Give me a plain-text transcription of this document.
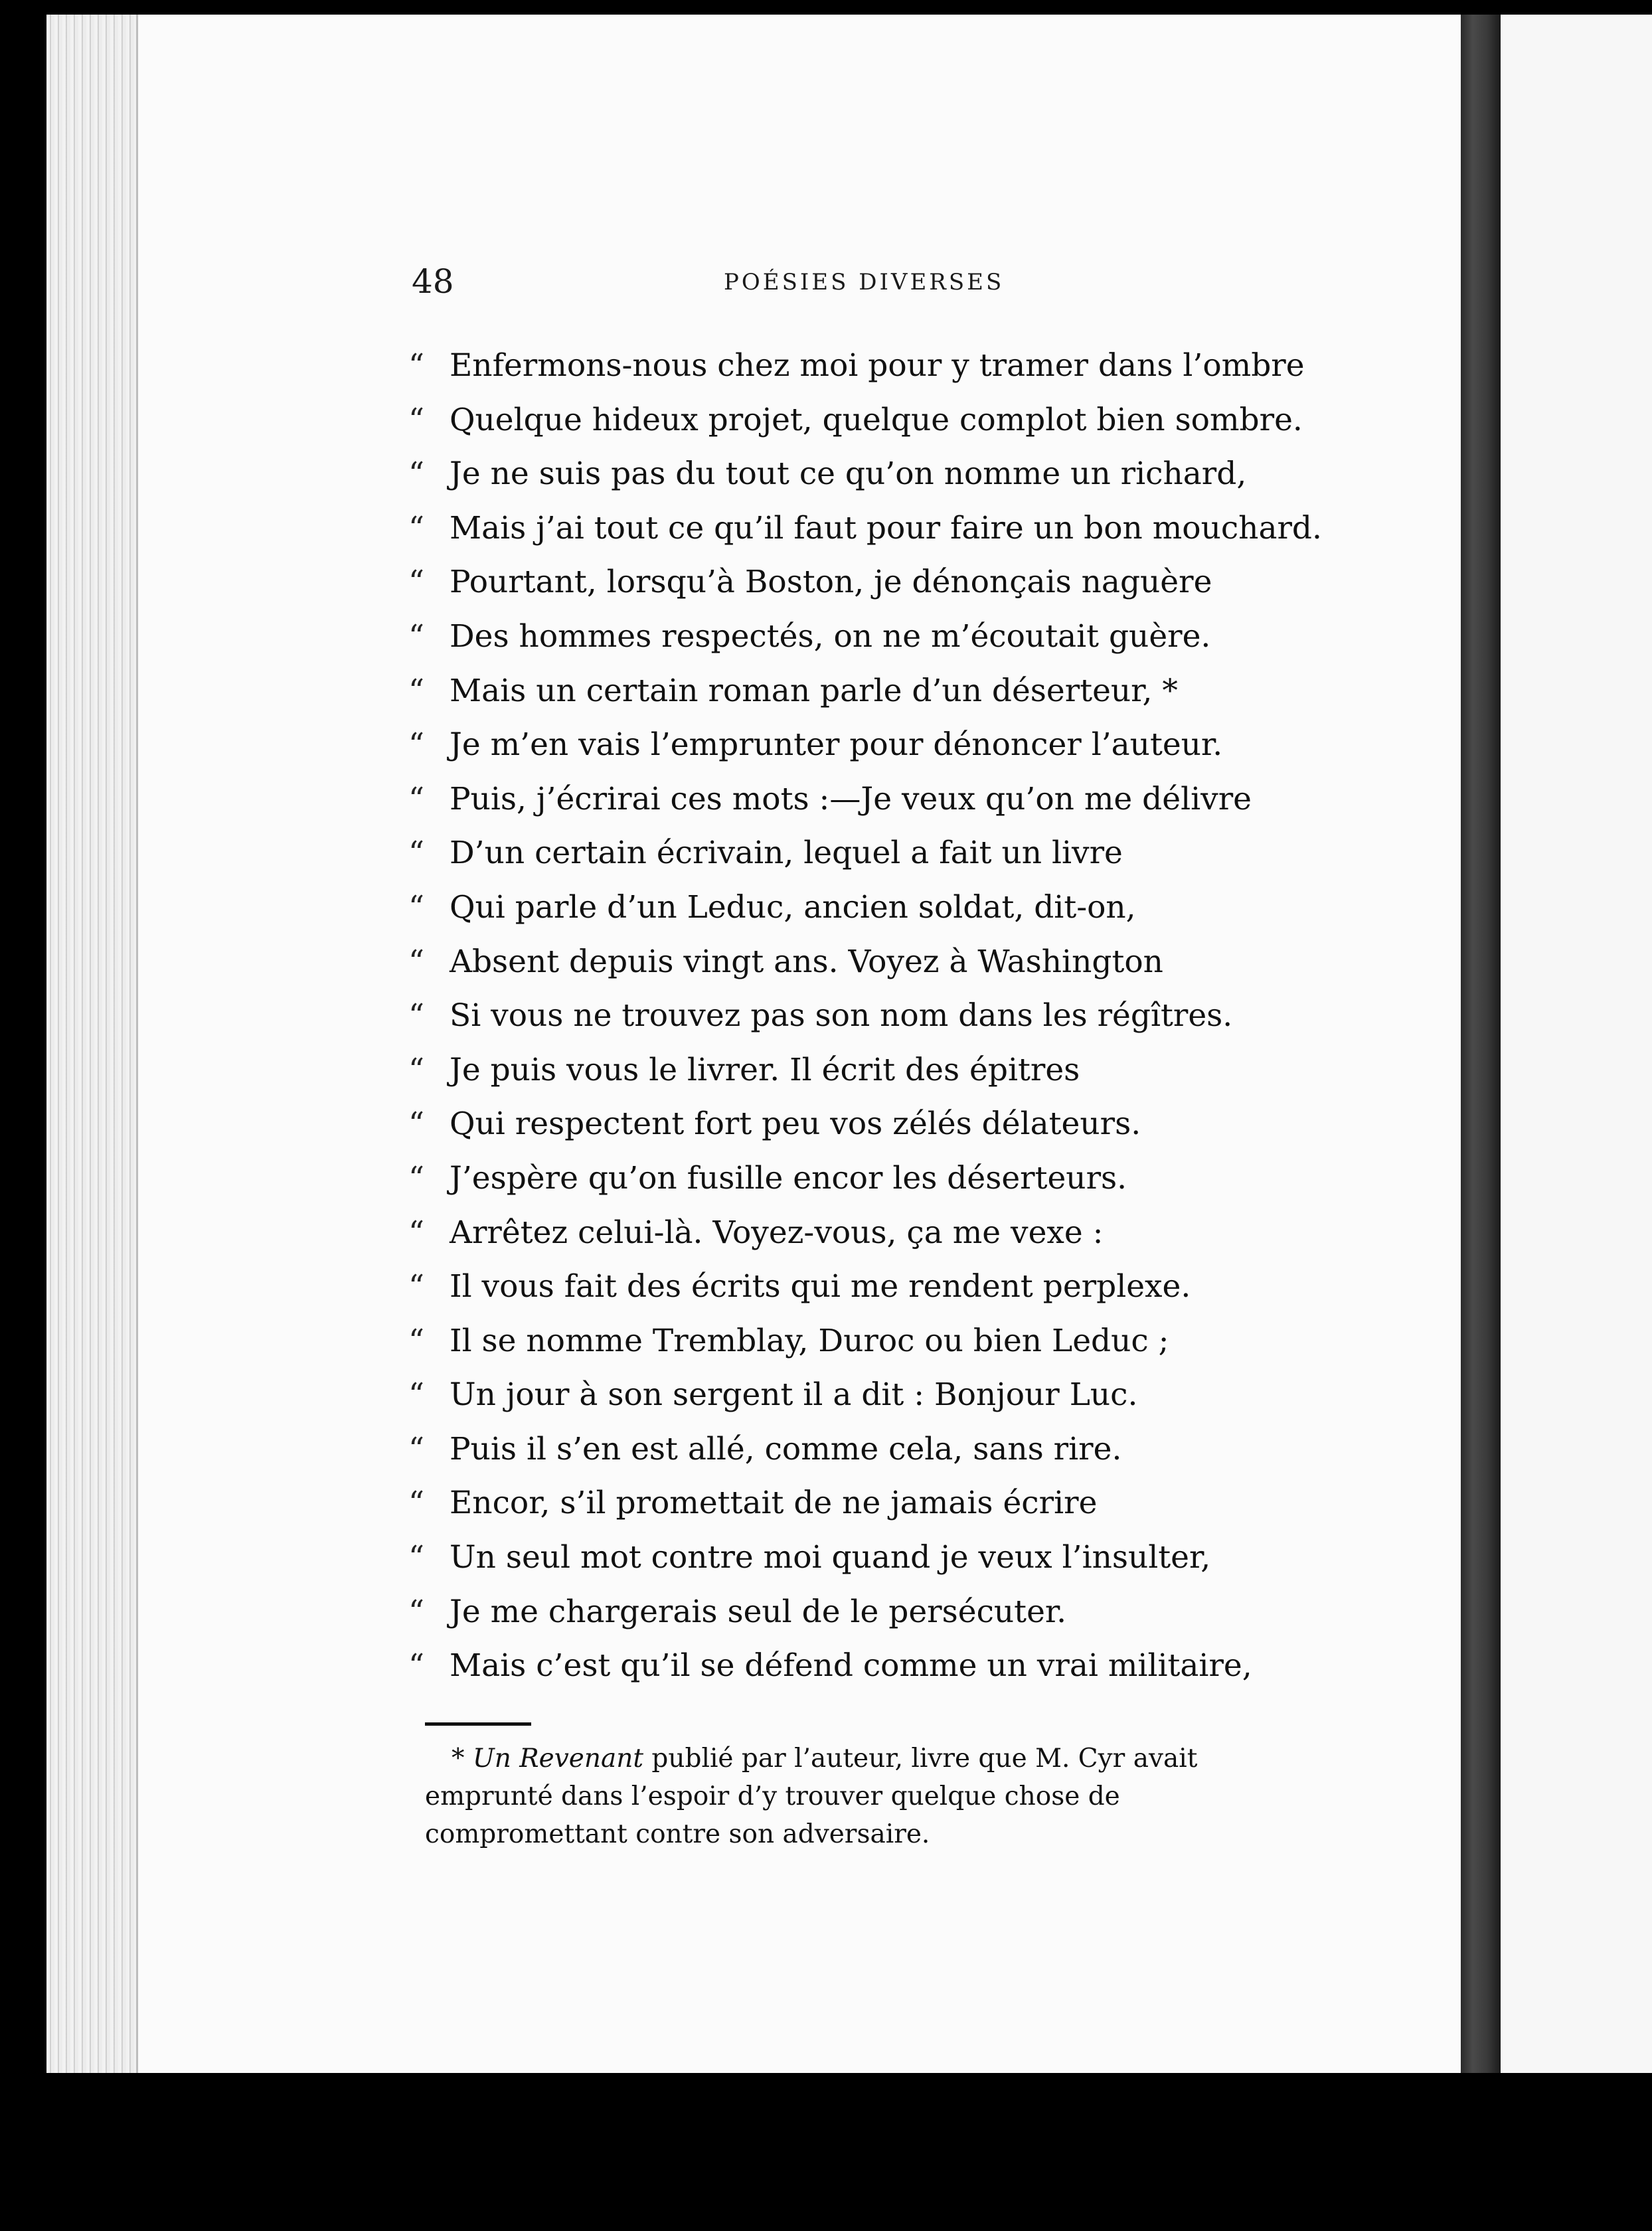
48	POÉSIES DIVERSES
“ Enfermons-nous chez moi pour y tramer dans l’ombre
“ Quelque hideux projet, quelque complot bien sombre.
“ Je ne suis pas du tout ce qu’on nomme un richard,
“ Mais j’ai tout ce qu’il faut pour faire un bon mouchard.
“ Pourtant, lorsqu’à Boston, je dénonçais naguère
“ Des hommes respectés, on ne m’écoutait guère.
“ Mais un certain roman parle d’un déserteur, *
“ Je m’en vais l’emprunter pour dénoncer l’auteur.
“ Puis, j’écrirai ces mots :—Je veux qu’on me délivre
“ D’un certain écrivain, lequel a fait un livre
“ Qui parle d’un Leduc, ancien soldat, dit-on,
“ Absent depuis vingt ans. Voyez à Washington
“ Si vous ne trouvez pas son nom dans les régîtres.
“ Je puis vous le livrer. Il écrit des épitres
“ Qui respectent fort peu vos zélés délateurs.
“ J’espère qu’on fusille encor les déserteurs.
“ Arrêtez celui-là. Voyez-vous, ça me vexe :
“ Il vous fait des écrits qui me rendent perplexe.
“ Il se nomme Tremblay, Duroc ou bien Leduc ;
“ Un jour à son sergent il a dit : Bonjour Luc.
“ Puis il s’en est allé, comme cela, sans rire.
“ Encor, s’il promettait de ne jamais écrire
“ Un seul mot contre moi quand je veux l’insulter,
“ Je me chargerais seul de le persécuter.
“ Mais c’est qu’il se défend comme un vrai militaire,
* Un Revenant publié par l’auteur, livre que M. Cyr avait emprunté dans l’espoir d’y trouver quelque chose de compromettant contre son adversaire.
